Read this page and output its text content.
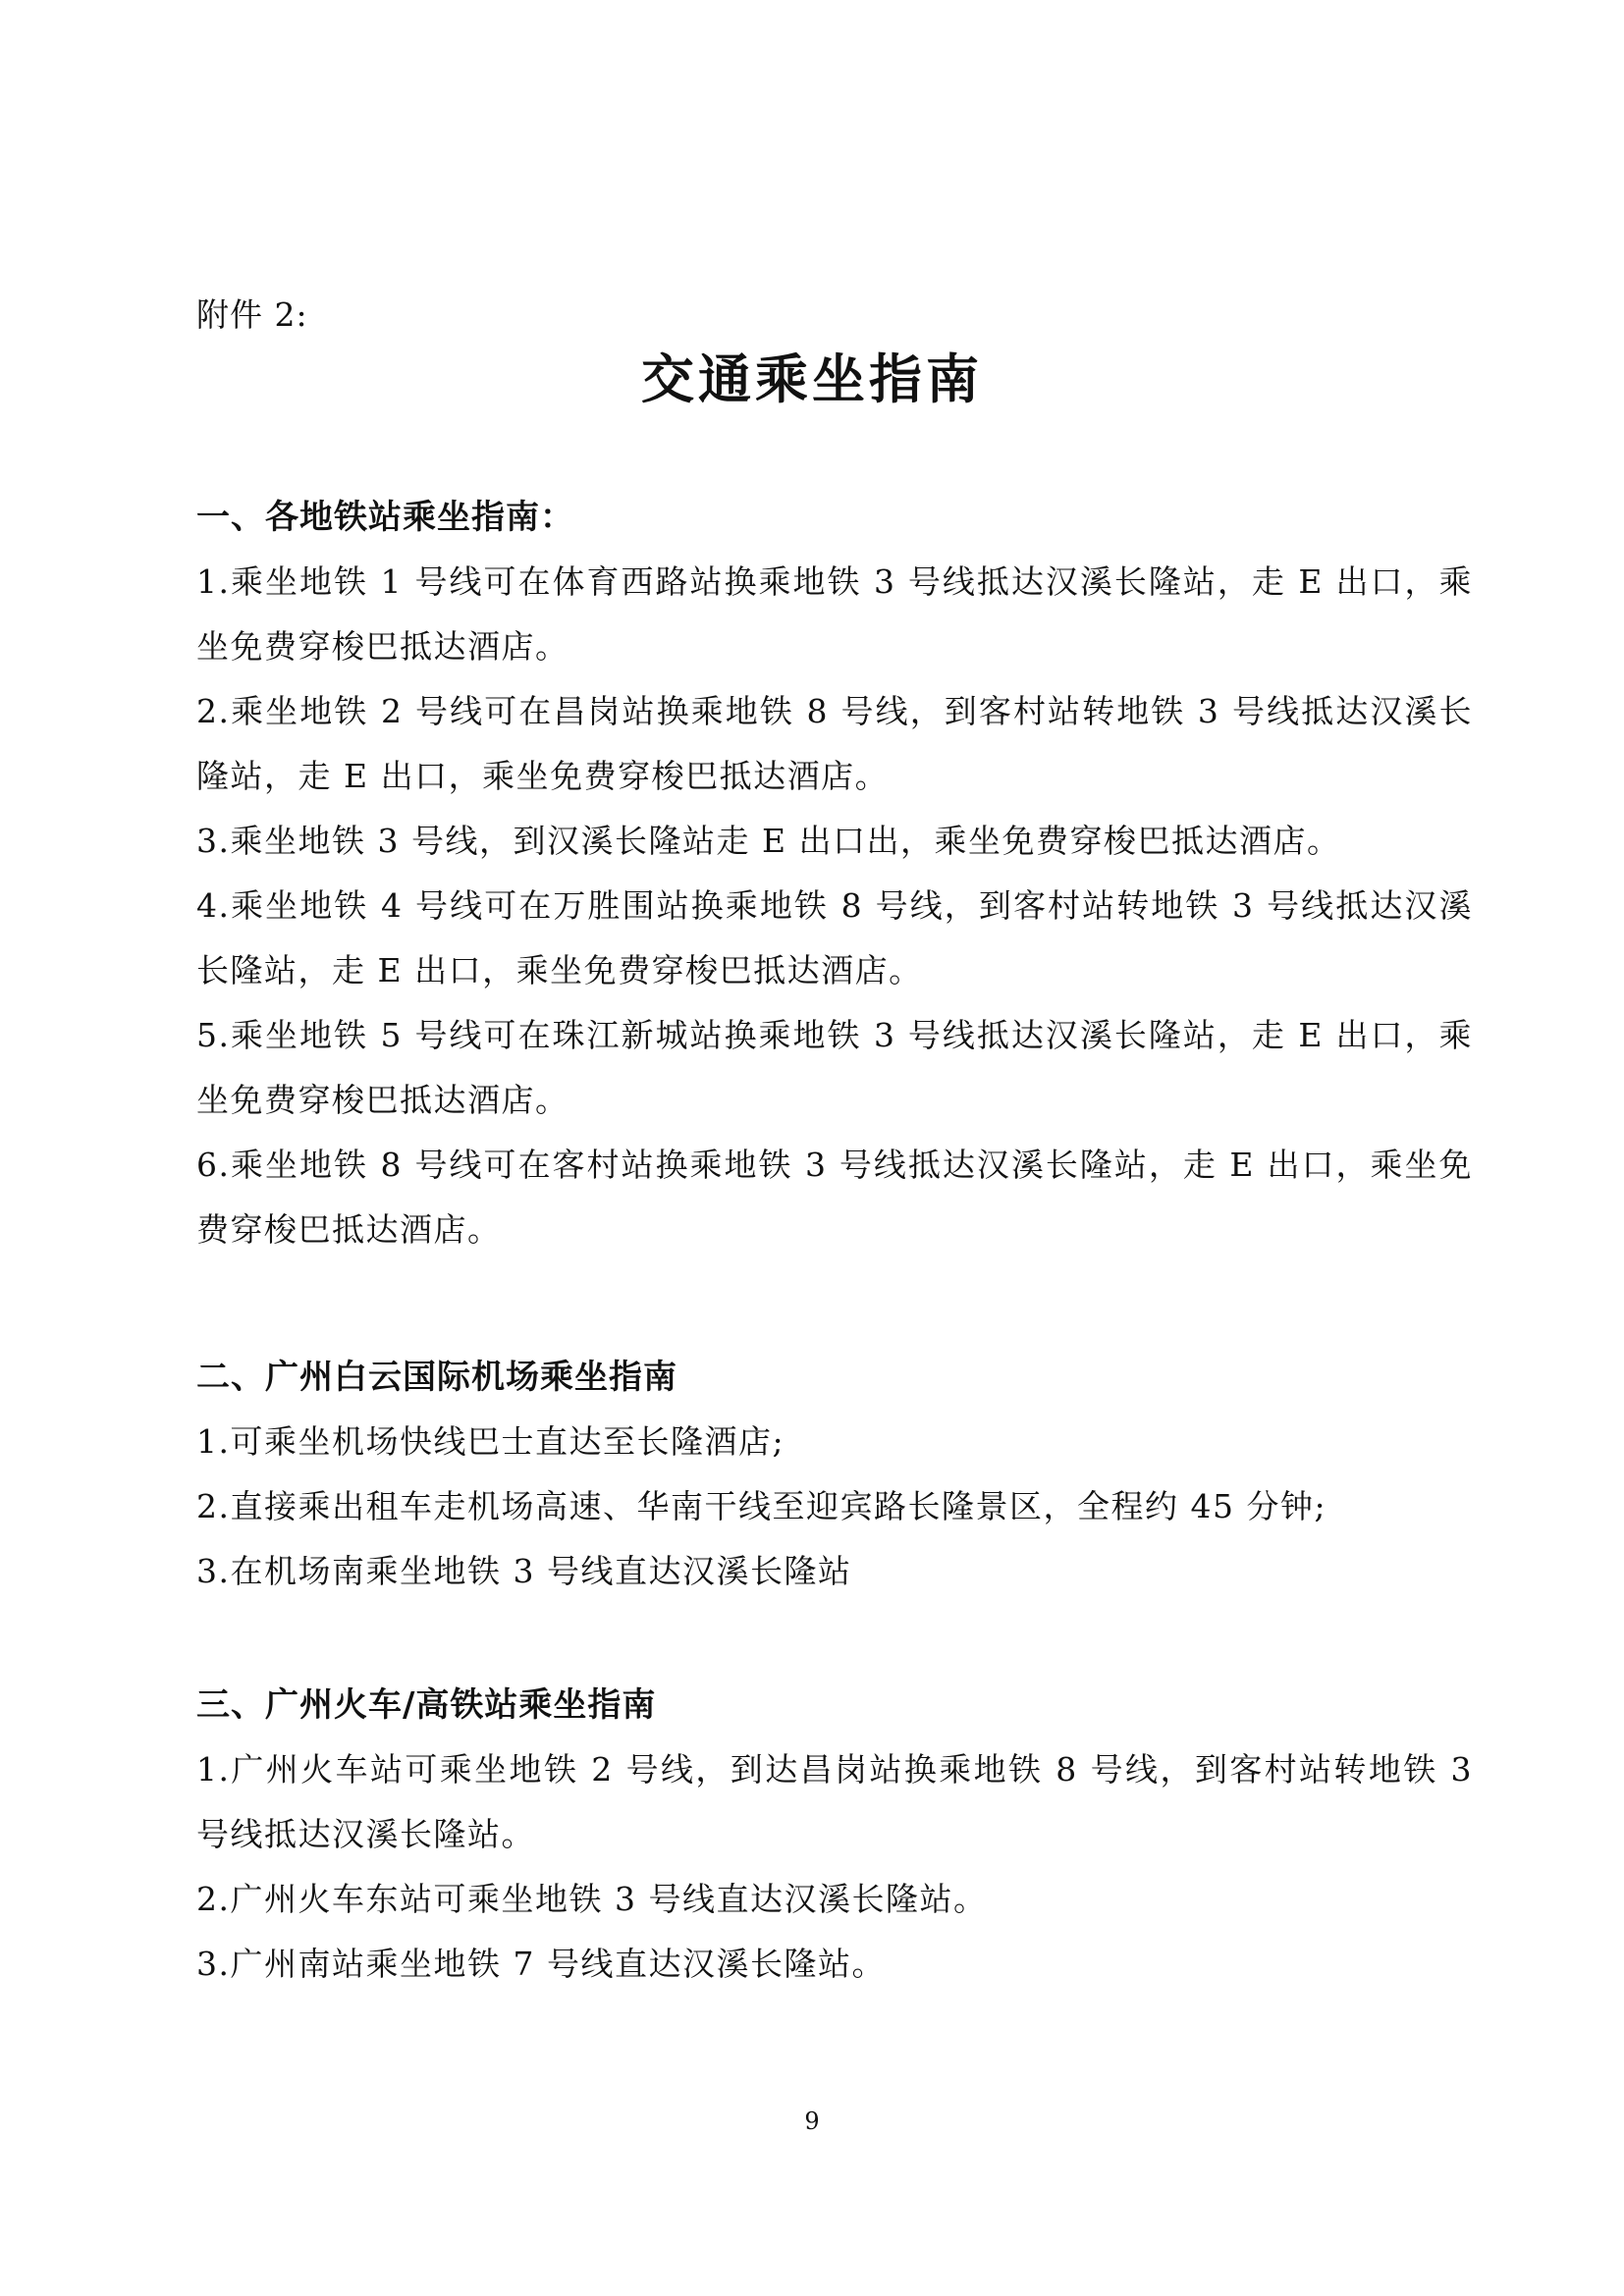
附件 2:
交通乘坐指南
一、各地铁站乘坐指南：

1.乘坐地铁 1 号线可在体育西路站换乘地铁 3 号线抵达汉溪长隆站，走 E 出口，乘坐免费穿梭巴抵达酒店。

2.乘坐地铁 2 号线可在昌岗站换乘地铁 8 号线，到客村站转地铁 3 号线抵达汉溪长隆站，走 E 出口，乘坐免费穿梭巴抵达酒店。

3.乘坐地铁 3 号线，到汉溪长隆站走 E 出口出，乘坐免费穿梭巴抵达酒店。

4.乘坐地铁 4 号线可在万胜围站换乘地铁 8 号线，到客村站转地铁 3 号线抵达汉溪长隆站，走 E 出口，乘坐免费穿梭巴抵达酒店。

5.乘坐地铁 5 号线可在珠江新城站换乘地铁 3 号线抵达汉溪长隆站，走 E 出口，乘坐免费穿梭巴抵达酒店。

6.乘坐地铁 8 号线可在客村站换乘地铁 3 号线抵达汉溪长隆站，走 E 出口，乘坐免费穿梭巴抵达酒店。

二、广州白云国际机场乘坐指南

1.可乘坐机场快线巴士直达至长隆酒店;

2.直接乘出租车走机场高速、华南干线至迎宾路长隆景区，全程约 45 分钟;

3.在机场南乘坐地铁 3 号线直达汉溪长隆站

三、广州火车/高铁站乘坐指南

1.广州火车站可乘坐地铁 2 号线，到达昌岗站换乘地铁 8 号线，到客村站转地铁 3 号线抵达汉溪长隆站。

2.广州火车东站可乘坐地铁 3 号线直达汉溪长隆站。

3.广州南站乘坐地铁 7 号线直达汉溪长隆站。

9
